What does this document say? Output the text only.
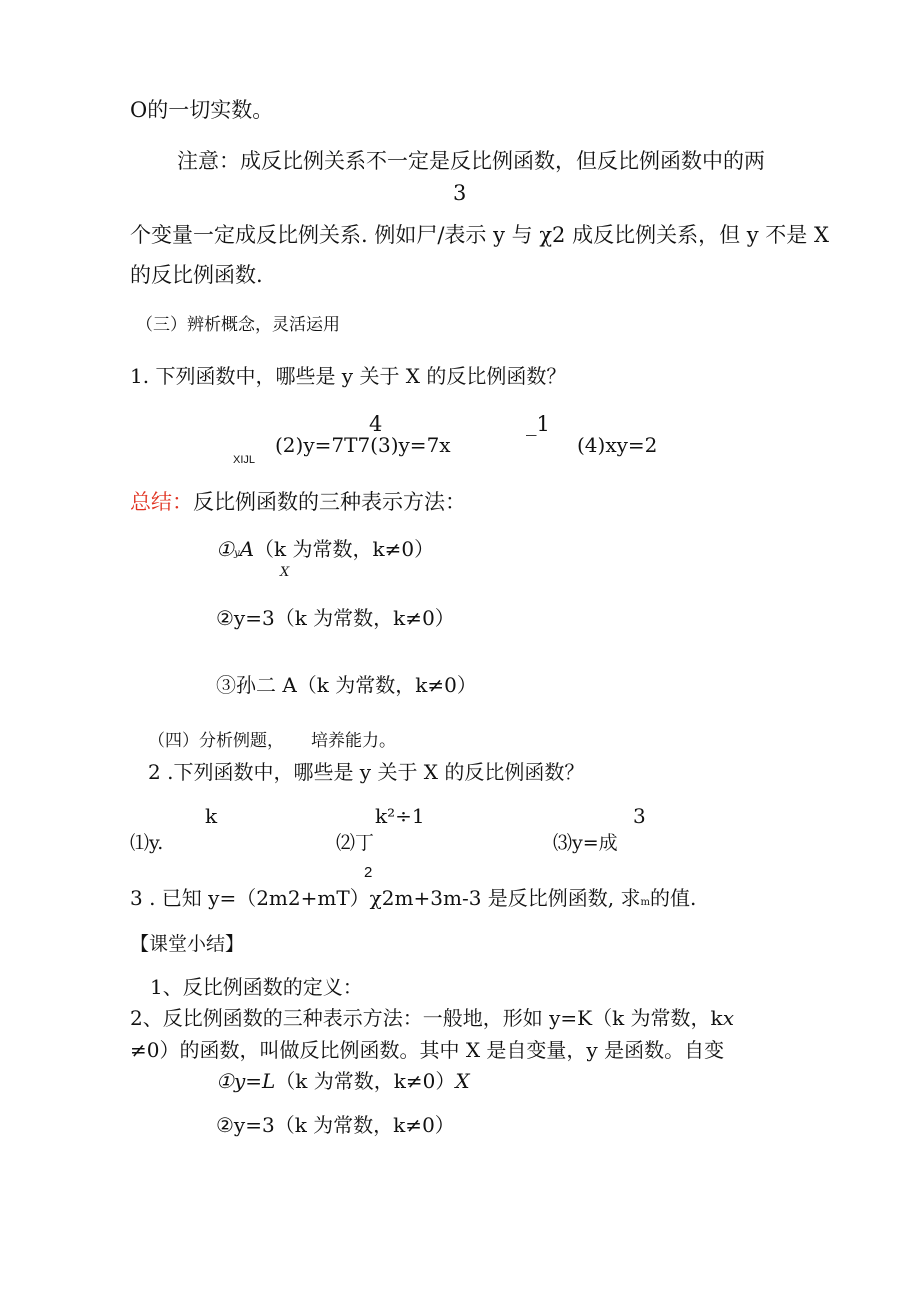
O的一切实数。
注意：成反比例关系不一定是反比例函数，但反比例函数中的两
3
个变量一定成反比例关系. 例如尸/表示 y 与 χ2 成反比例关系，但 y 不是 X
的反比例函数.
（三）辨析概念，灵活运用
1. 下列函数中，哪些是 y 关于 X 的反比例函数？
4	_1
XIJL
(2)y=7T7(3)y=7x	(4)xy=2
总结：反比例函数的三种表示方法：
①yA（k 为常数，k≠0）
X
②y=3（k 为常数，k≠0）
③孙二 A（k 为常数，k≠0）
（四）分析例题， 培养能力。
2 .下列函数中，哪些是 y 关于 X 的反比例函数？
k	k²÷1	3
⑴y.	⑵丁	⑶y=成
2
3 . 已知 y=（2m2+mT）χ2m+3m-3 是反比例函数, 求m的值.
【课堂小结】
1、反比例函数的定义：
2、反比例函数的三种表示方法：一般地，形如 y=K（k 为常数，kx
≠0）的函数，叫做反比例函数。其中 X 是自变量，y 是函数。自变
①y=L（k 为常数，k≠0）X
②y=3（k 为常数，k≠0）
